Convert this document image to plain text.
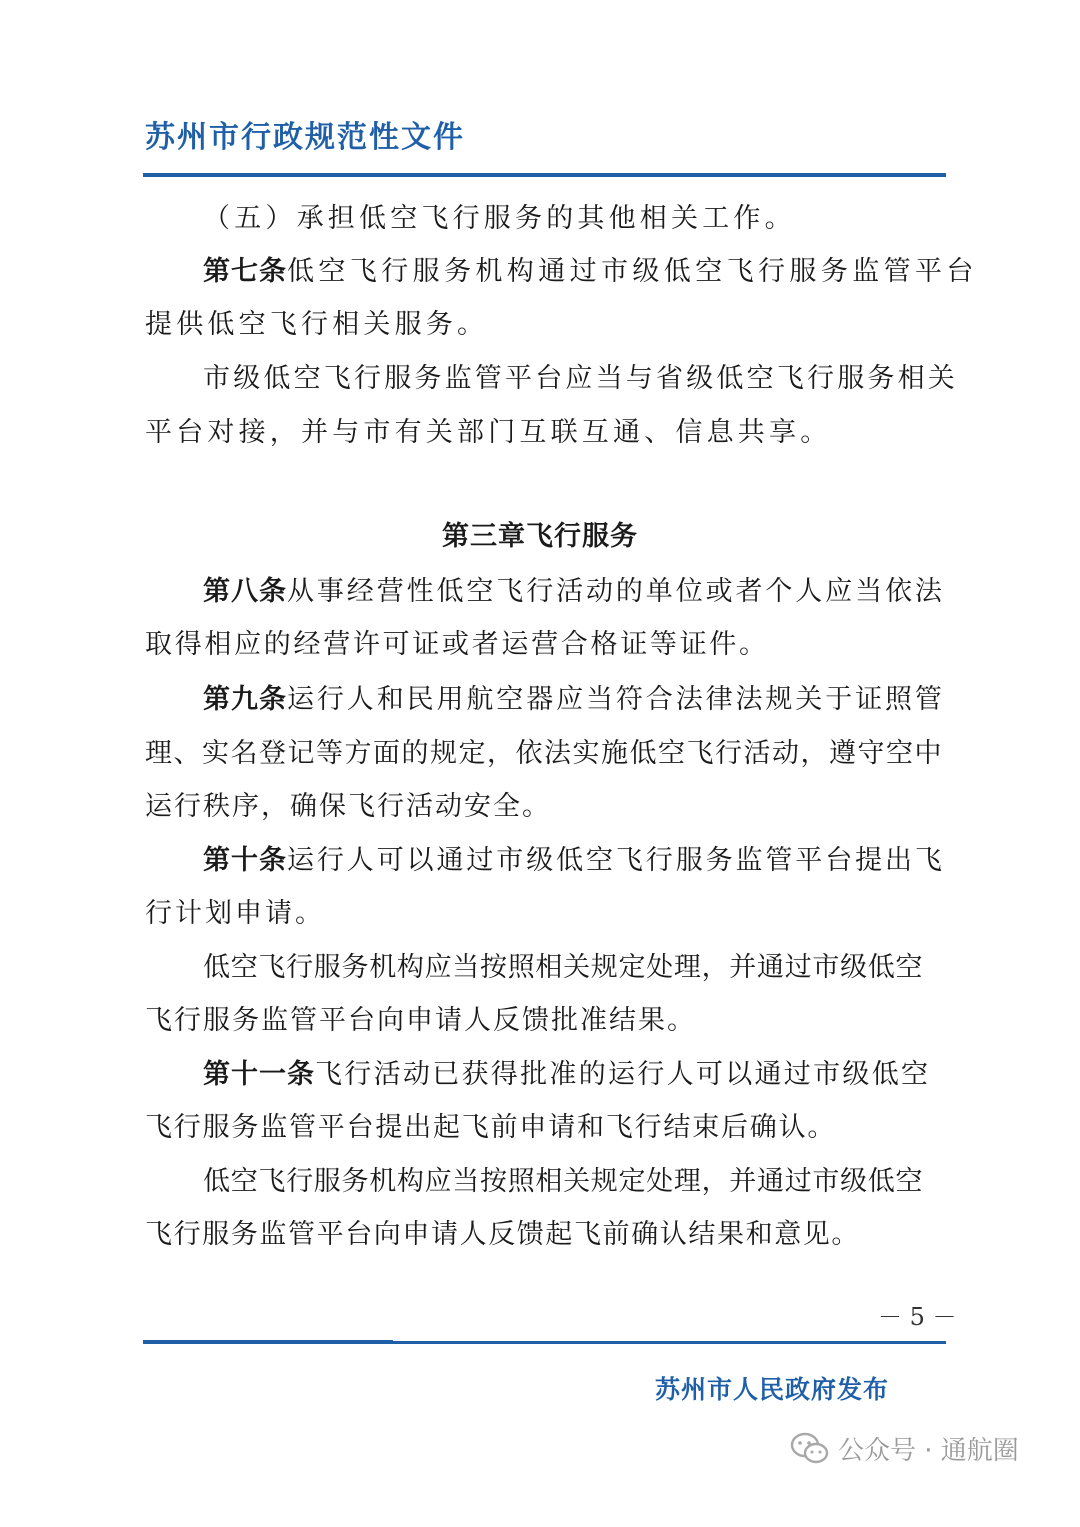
苏州市行政规范性文件
（五）承担低空飞行服务的其他相关工作。
第七条低空飞行服务机构通过市级低空飞行服务监管平台
提供低空飞行相关服务。
市级低空飞行服务监管平台应当与省级低空飞行服务相关
平台对接，并与市有关部门互联互通、信息共享。
第三章飞行服务
第八条从事经营性低空飞行活动的单位或者个人应当依法
取得相应的经营许可证或者运营合格证等证件。
第九条运行人和民用航空器应当符合法律法规关于证照管
理、实名登记等方面的规定，依法实施低空飞行活动，遵守空中
运行秩序，确保飞行活动安全。
第十条运行人可以通过市级低空飞行服务监管平台提出飞
行计划申请。
低空飞行服务机构应当按照相关规定处理，并通过市级低空
飞行服务监管平台向申请人反馈批准结果。
第十一条飞行活动已获得批准的运行人可以通过市级低空
飞行服务监管平台提出起飞前申请和飞行结束后确认。
低空飞行服务机构应当按照相关规定处理，并通过市级低空
飞行服务监管平台向申请人反馈起飞前确认结果和意见。
－ 5 －
苏州市人民政府发布
公众号 · 通航圈
